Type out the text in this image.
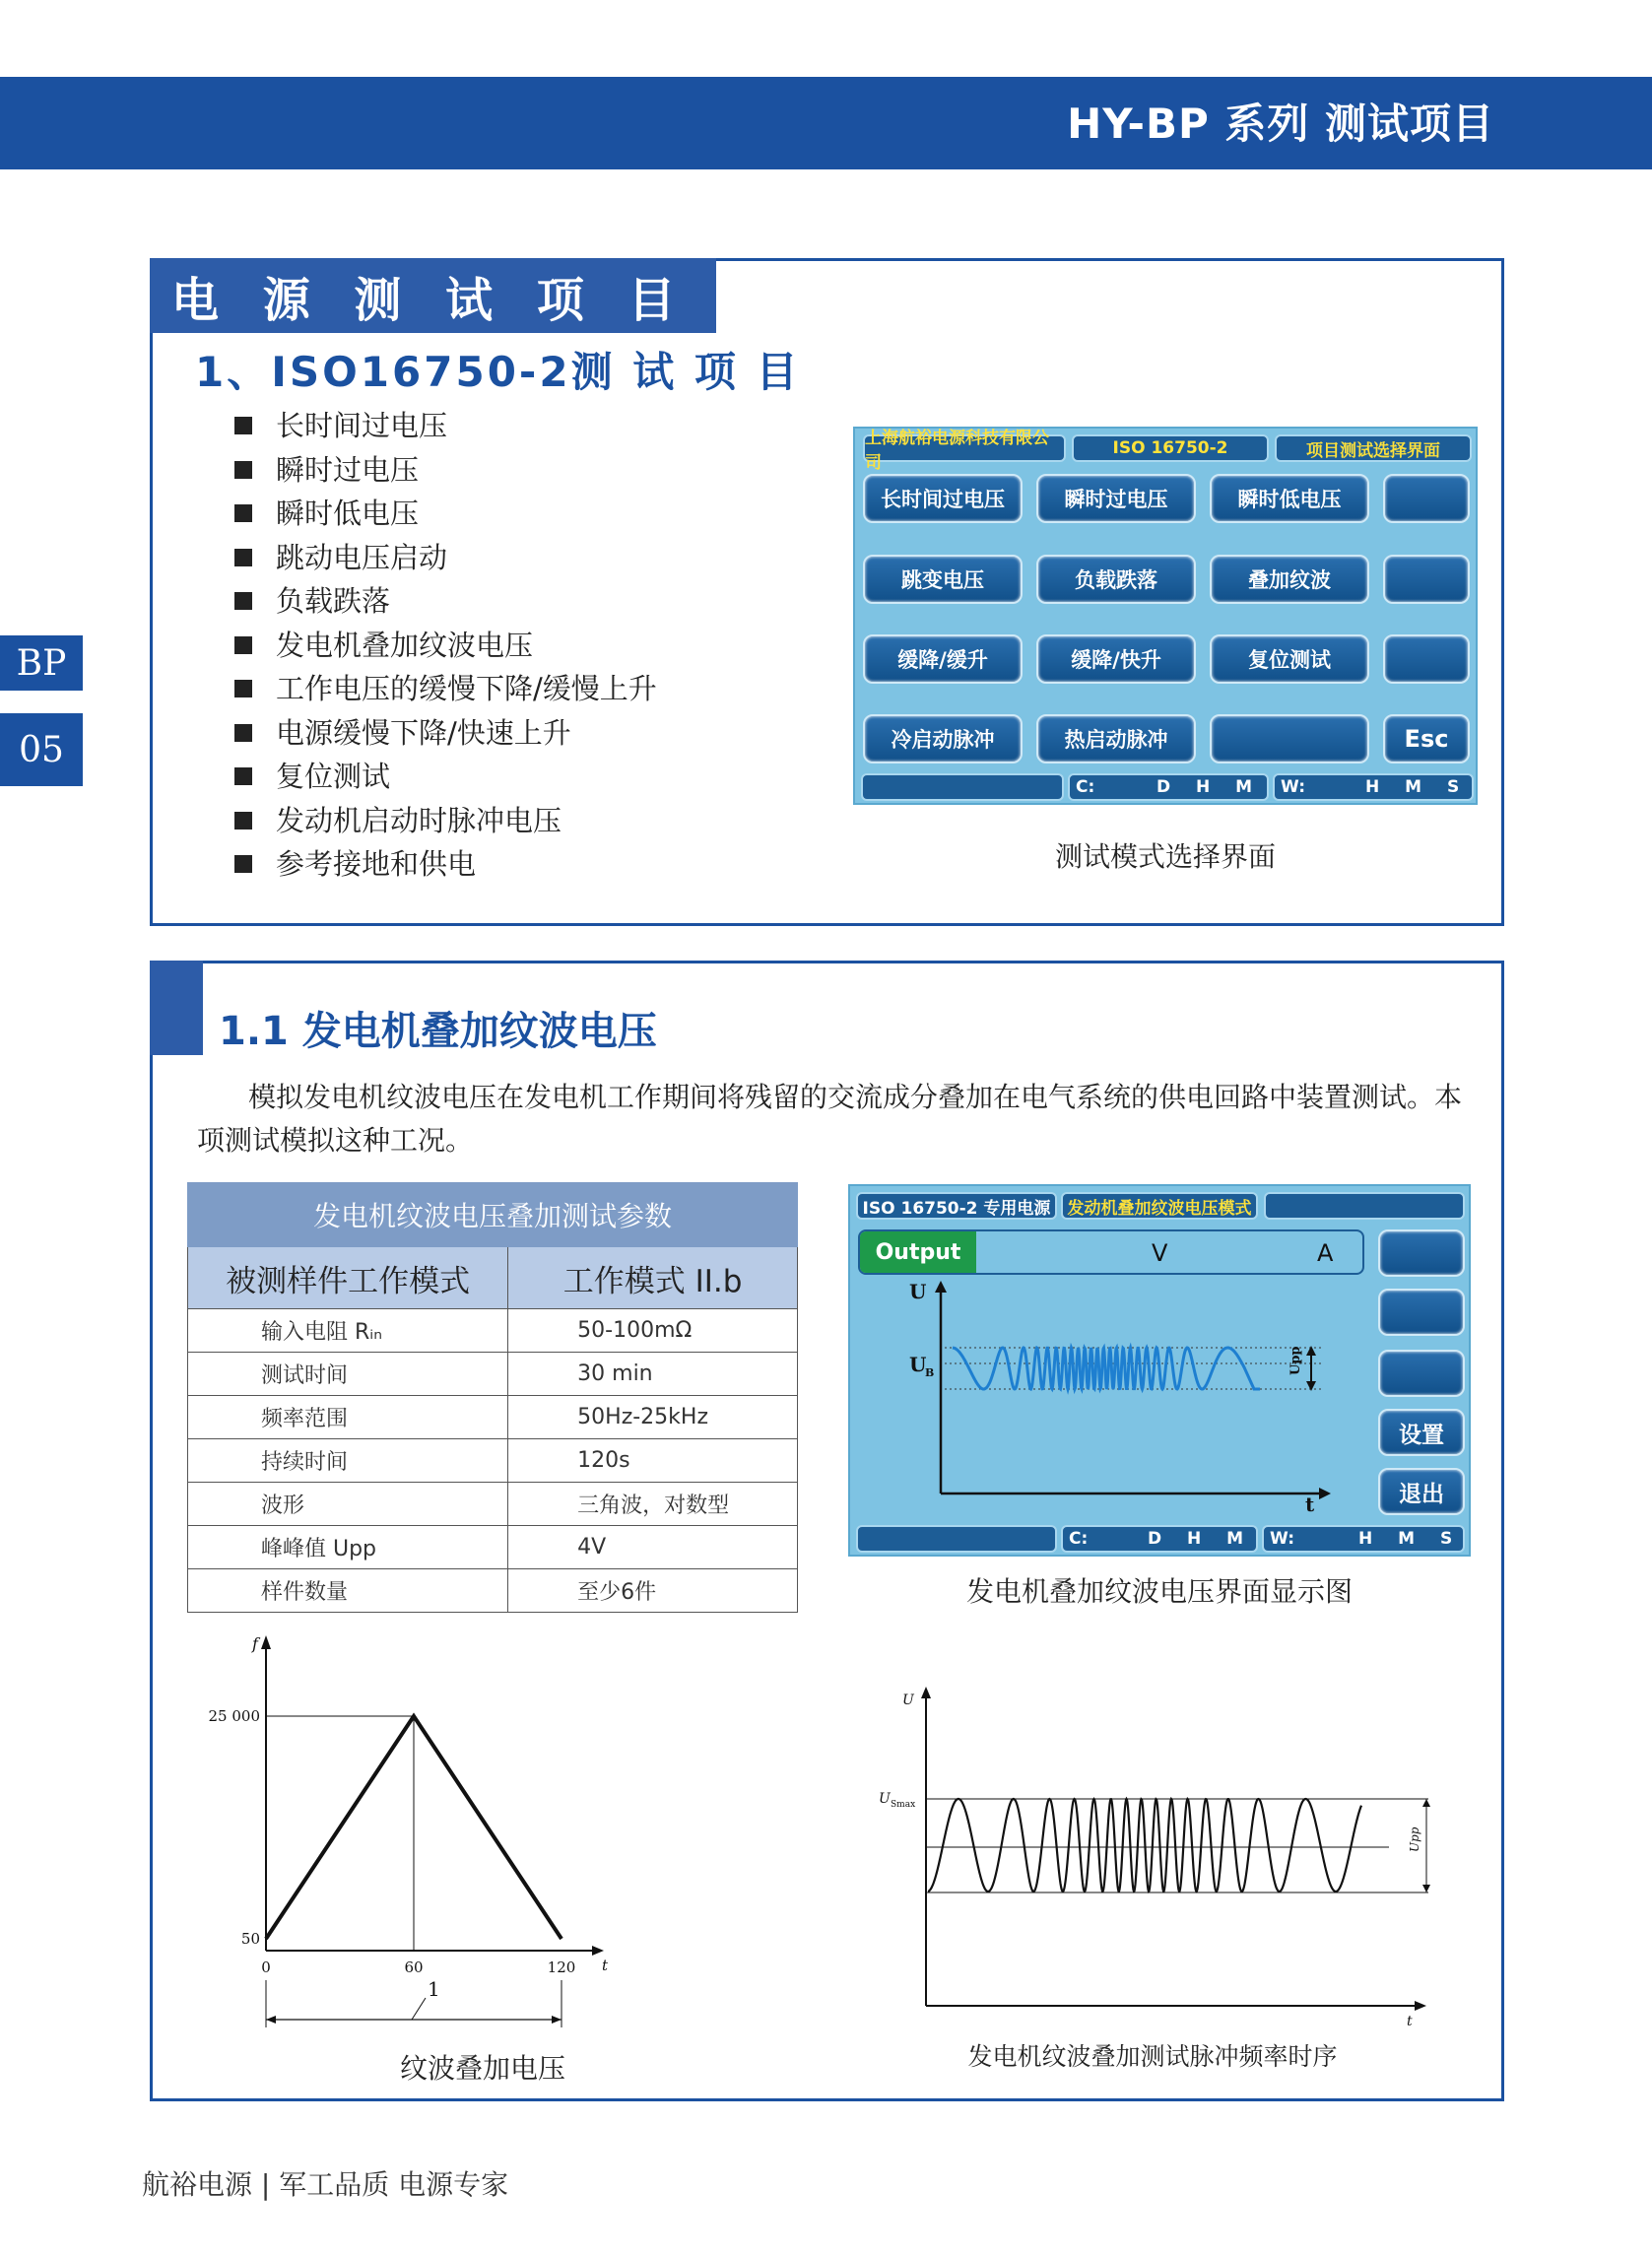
HY-BP 系列 测试项目
BP
05
电 源 测 试 项 目
1、ISO16750-2测 试 项 目
长时间过电压
瞬时过电压
瞬时低电压
跳动电压启动
负载跌落
发电机叠加纹波电压
工作电压的缓慢下降/缓慢上升
电源缓慢下降/快速上升
复位测试
发动机启动时脉冲电压
参考接地和供电
上海航裕电源科技有限公司
ISO 16750-2	项目测试选择界面
长时间过电压	瞬时过电压	瞬时低电压
跳变电压	负载跌落	叠加纹波
缓降/缓升	缓降/快升	复位测试
冷启动脉冲	热启动脉冲	Esc
C:	D H M W:	H M S
测试模式选择界面
1.1 发电机叠加纹波电压

模拟发电机纹波电压在发电机工作期间将残留的交流成分叠加在电气系统的供电回路中装置测试。本项测试模拟这种工况。

发电机纹波电压叠加测试参数	
被测样件工作模式	工作模式 II.b
输入电阻 Rᵢₙ	50-100mΩ
测试时间	30 min
频率范围	50Hz-25kHz
持续时间	120s
波形	三角波，对数型
峰峰值 Upp	4V
样件数量	至少6件
ISO 16750-2 专用电源	发动机叠加纹波电压模式
Output	V	A
U
U
B
t
Upp
设置
退出
C:	D H M W:	H M S
发电机叠加纹波电压界面显示图
f
t
50
25 000
0	60	120
1
纹波叠加电压
U
U Smax
t
Upp
发电机纹波叠加测试脉冲频率时序
航裕电源 | 军工品质 电源专家
